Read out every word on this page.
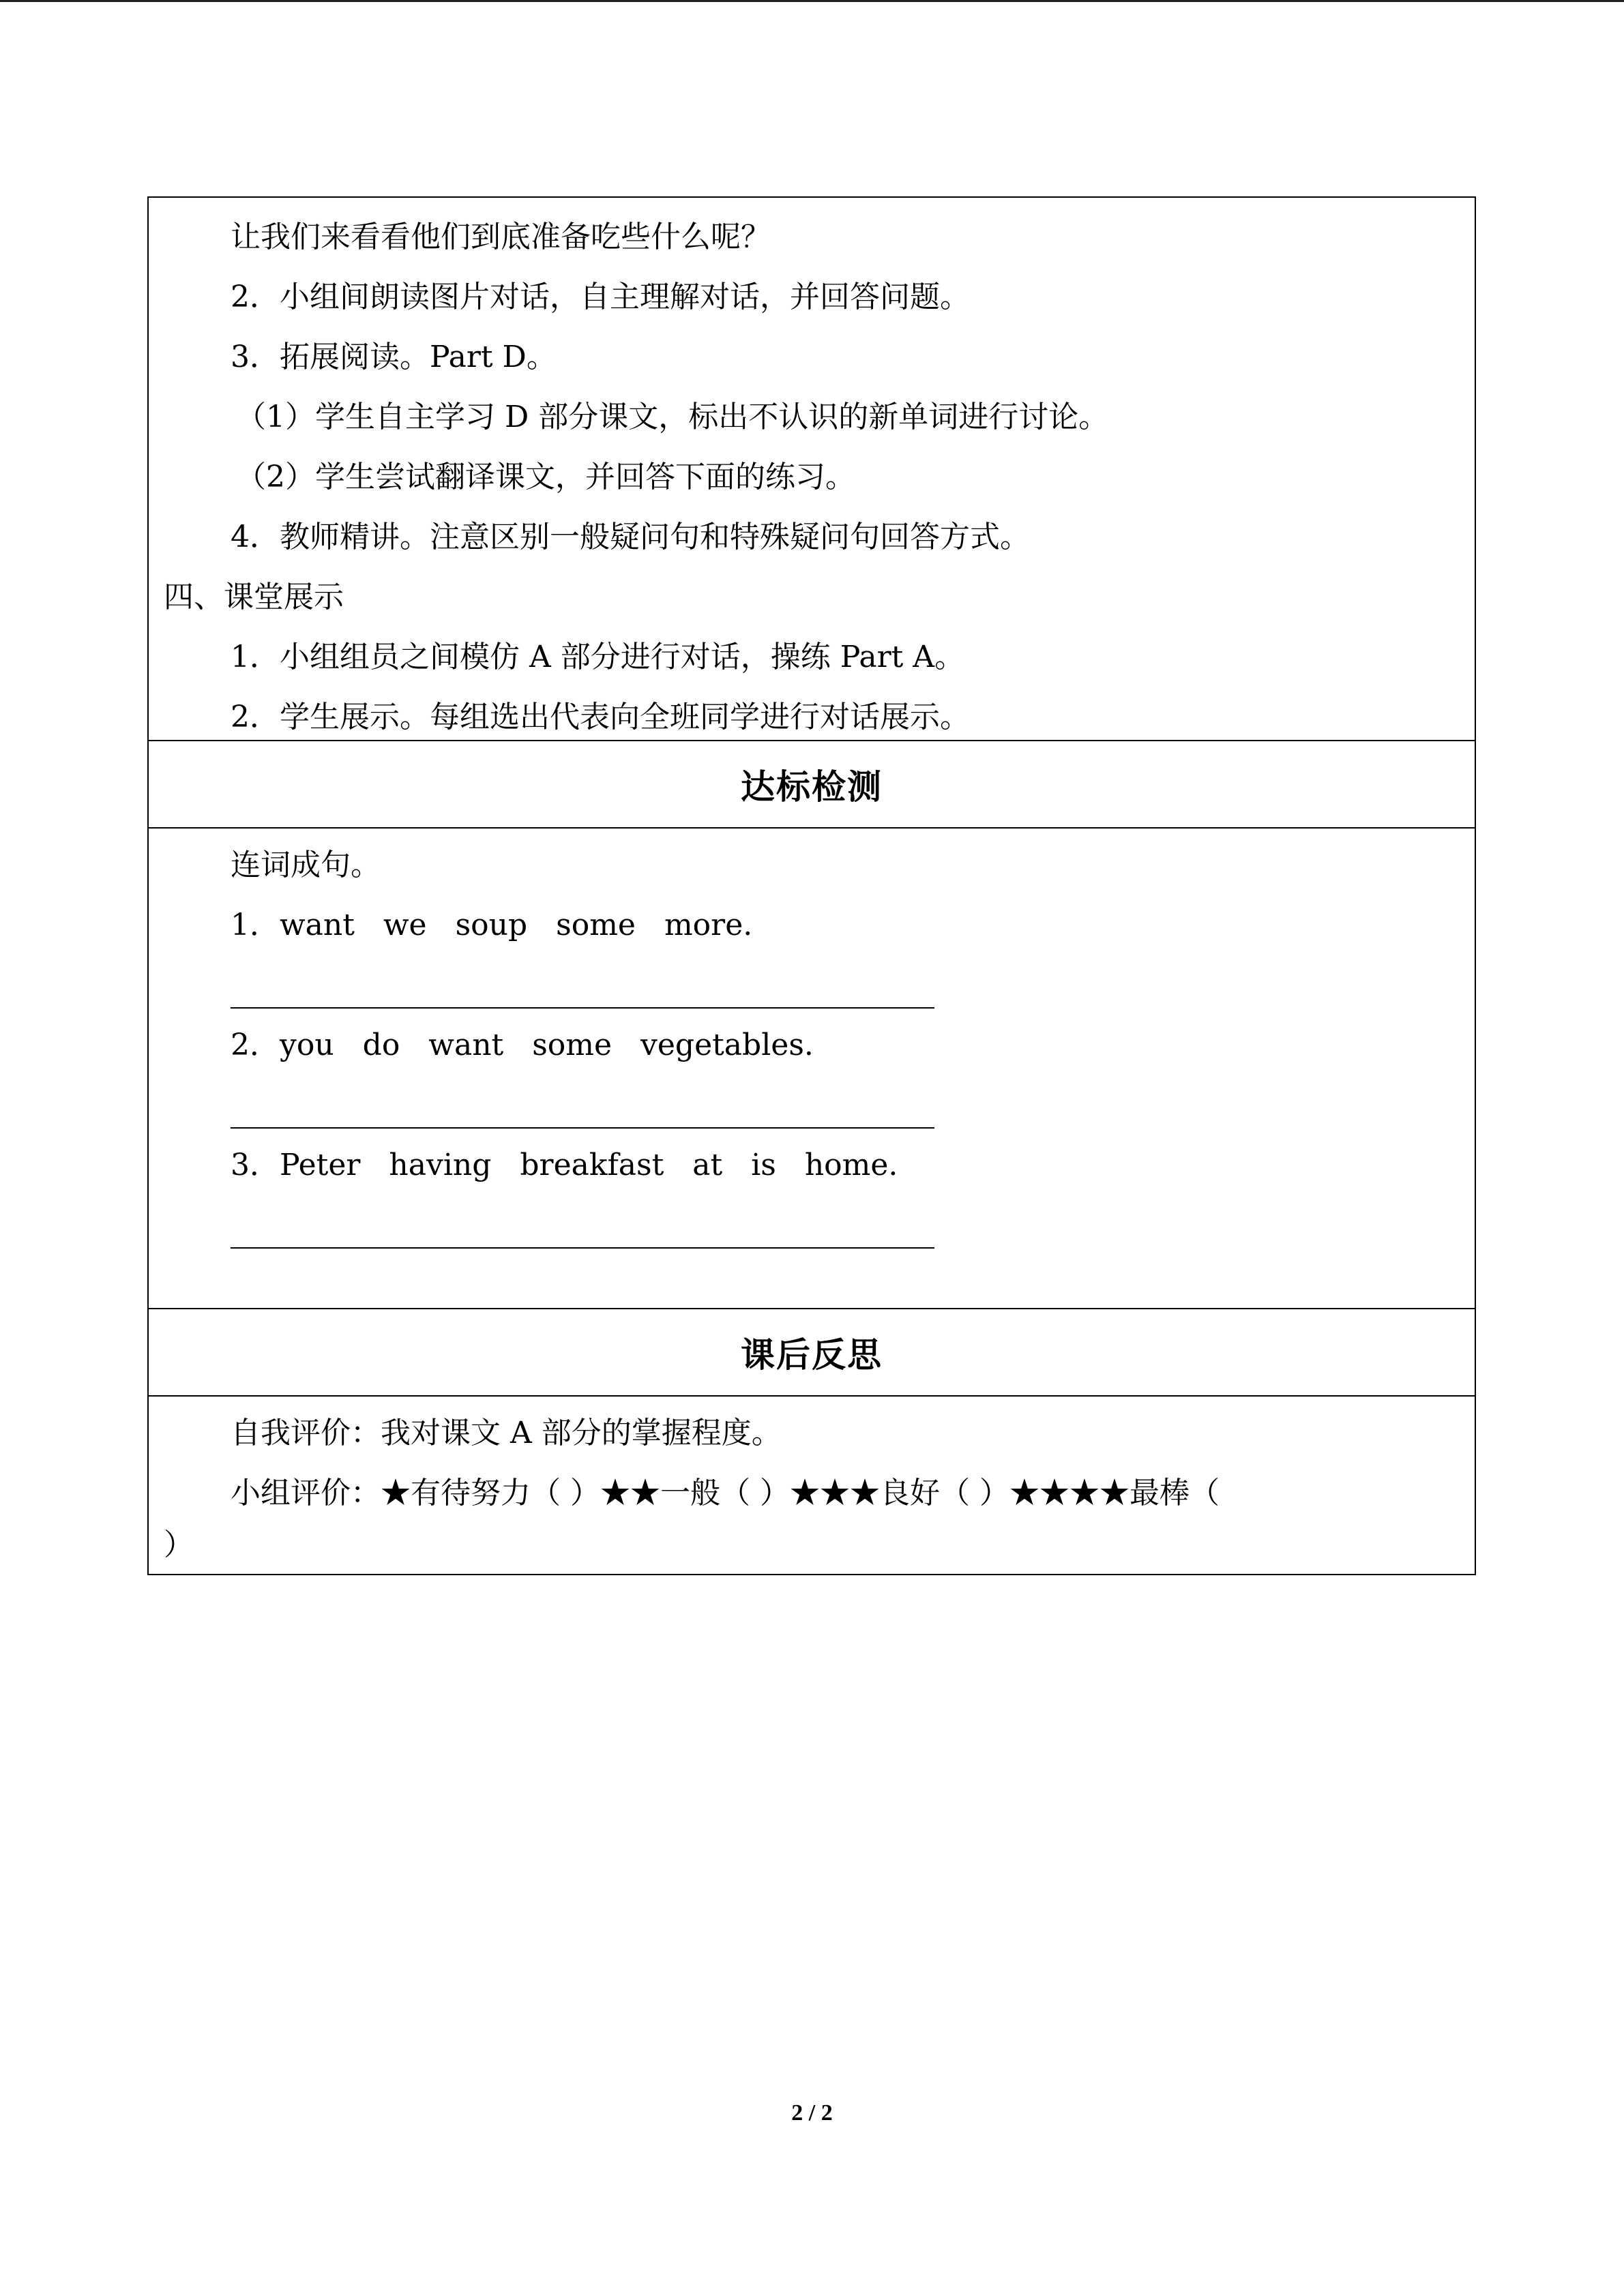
让我们来看看他们到底准备吃些什么呢？
2．小组间朗读图片对话，自主理解对话，并回答问题。
3．拓展阅读。Part D。
（1）学生自主学习 D 部分课文，标出不认识的新单词进行讨论。
（2）学生尝试翻译课文，并回答下面的练习。
4．教师精讲。注意区别一般疑问句和特殊疑问句回答方式。
四、课堂展示
1．小组组员之间模仿 A 部分进行对话，操练 Part A。
2．学生展示。每组选出代表向全班同学进行对话展示。
达标检测
连词成句。
1．want we soup some more.
2．you do want some vegetables.
3．Peter having breakfast at is home.
课后反思
自我评价：我对课文 A 部分的掌握程度。
小组评价：★有待努力（ ）★★一般（ ）★★★良好（ ）★★★★最棒（
）
2 / 2
